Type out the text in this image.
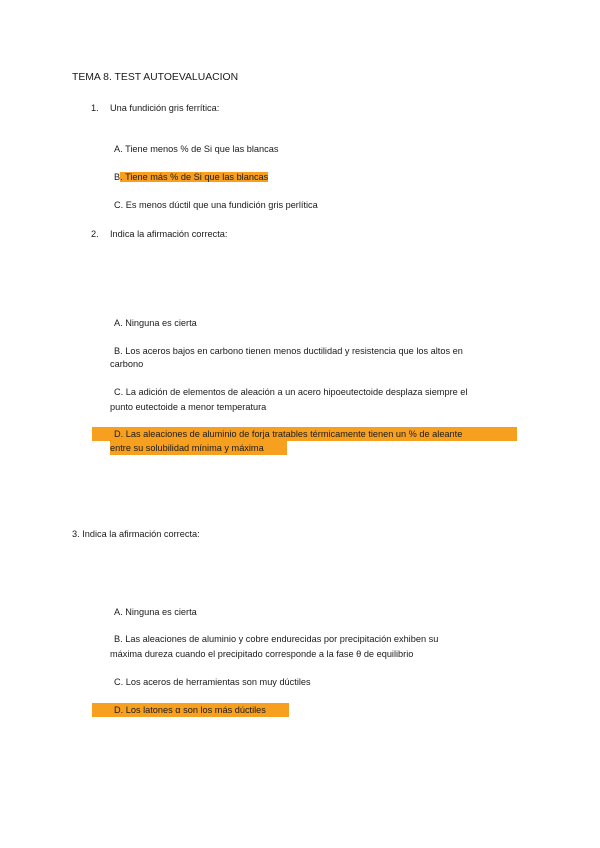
TEMA 8. TEST AUTOEVALUACION
1. Una fundición gris ferrítica:
A. Tiene menos % de Si que las blancas
B. Tiene más % de Si que las blancas
C. Es menos dúctil que una fundición gris perlítica
2. Indica la afirmación correcta:
A. Ninguna es cierta
B. Los aceros bajos en carbono tienen menos ductilidad y resistencia que los altos en
carbono
C. La adición de elementos de aleación a un acero hipoeutectoide desplaza siempre el
punto eutectoide a menor temperatura
D. Las aleaciones de aluminio de forja tratables térmicamente tienen un % de aleante
entre su solubilidad mínima y máxima
3. Indica la afirmación correcta:
A. Ninguna es cierta
B. Las aleaciones de aluminio y cobre endurecidas por precipitación exhiben su
máxima dureza cuando el precipitado corresponde a la fase θ de equilibrio
C. Los aceros de herramientas son muy dúctiles
D. Los latones α son los más dúctiles
